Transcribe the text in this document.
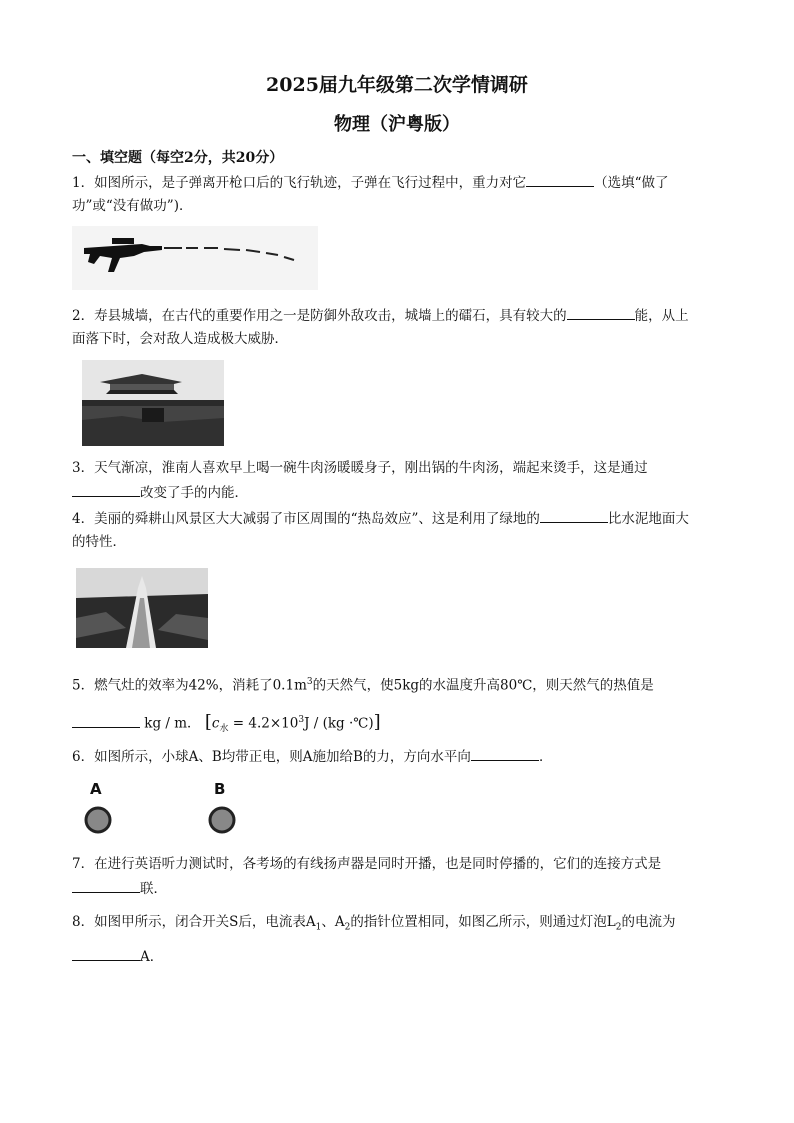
2025届九年级第二次学情调研
物理（沪粤版）
一、填空题（每空2分，共20分）
1．如图所示，是子弹离开枪口后的飞行轨迹，子弹在飞行过程中，重力对它	（选填“做了
功”或“没有做功”)．
2．寿县城墙，在古代的重要作用之一是防御外敌攻击，城墙上的礌石，具有较大的	能，从上
面落下时，会对敌人造成极大威胁．
3．天气渐凉，淮南人喜欢早上喝一碗牛肉汤暖暖身子，刚出锅的牛肉汤，端起来烫手，这是通过
改变了手的内能．
4．美丽的舜耕山风景区大大减弱了市区周围的“热岛效应”、这是利用了绿地的	比水泥地面大
的特性．
5．燃气灶的效率为42%，消耗了$0.1m^3$的天然气，使5kg的水温度升高80℃，则天然气的热值是
kg / m． [$c_水 = 4.2\times 10^3J / (kg$ ·℃)]
6．如图所示，小球A、B均带正电，则A施加给B的力，方向水平向	．
A	B
7．在进行英语听力测试时，各考场的有线扬声器是同时开播，也是同时停播的，它们的连接方式是
联．
8．如图甲所示，闭合开关S后，电流表$A_1$、$A_2$的指针位置相同，如图乙所示，则通过灯泡$L_2$的电流为
A．
